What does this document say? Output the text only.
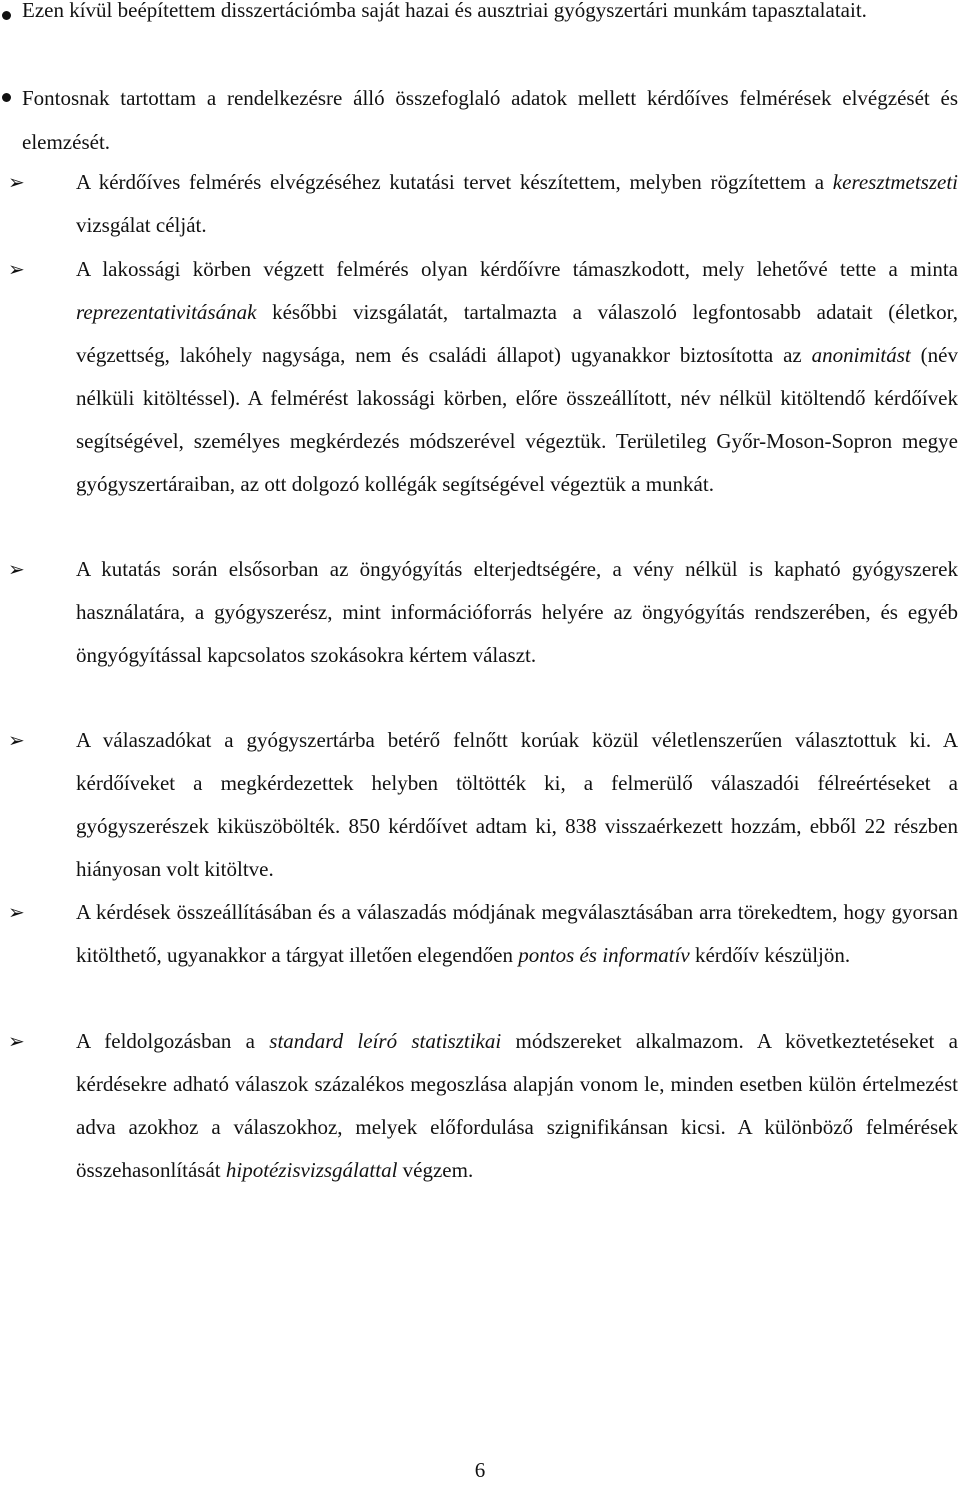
Ezen kívül beépítettem disszertációmba saját hazai és ausztriai gyógyszertári munkám tapasztalatait.
Fontosnak tartottam a rendelkezésre álló összefoglaló adatok mellett kérdőíves felmérések elvégzését és elemzését.
➢	A kérdőíves felmérés elvégzéséhez kutatási tervet készítettem, melyben rögzítettem a keresztmetszeti vizsgálat célját.
➢	A lakossági körben végzett felmérés olyan kérdőívre támaszkodott, mely lehetővé tette a minta reprezentativitásának későbbi vizsgálatát, tartalmazta a válaszoló legfontosabb adatait (életkor, végzettség, lakóhely nagysága, nem és családi állapot) ugyanakkor biztosította az anonimitást (név nélküli kitöltéssel). A felmérést lakossági körben, előre összeállított, név nélkül kitöltendő kérdőívek segítségével, személyes megkérdezés módszerével végeztük. Területileg Győr-Moson-Sopron megye gyógyszertáraiban, az ott dolgozó kollégák segítségével végeztük a munkát.
➢	A kutatás során elsősorban az öngyógyítás elterjedtségére, a vény nélkül is kapható gyógyszerek használatára, a gyógyszerész, mint információforrás helyére az öngyógyítás rendszerében, és egyéb öngyógyítással kapcsolatos szokásokra kértem választ.
➢	A válaszadókat a gyógyszertárba betérő felnőtt korúak közül véletlenszerűen választottuk ki. A kérdőíveket a megkérdezettek helyben töltötték ki, a felmerülő válaszadói félreértéseket a gyógyszerészek kiküszöbölték. 850 kérdőívet adtam ki, 838 visszaérkezett hozzám, ebből 22 részben hiányosan volt kitöltve.
➢	A kérdések összeállításában és a válaszadás módjának megválasztásában arra törekedtem, hogy gyorsan kitölthető, ugyanakkor a tárgyat illetően elegendően pontos és informatív kérdőív készüljön.
➢	A feldolgozásban a standard leíró statisztikai módszereket alkalmazom. A következtetéseket a kérdésekre adható válaszok százalékos megoszlása alapján vonom le, minden esetben külön értelmezést adva azokhoz a válaszokhoz, melyek előfordulása szignifikánsan kicsi. A különböző felmérések összehasonlítását hipotézisvizsgálattal végzem.
6
